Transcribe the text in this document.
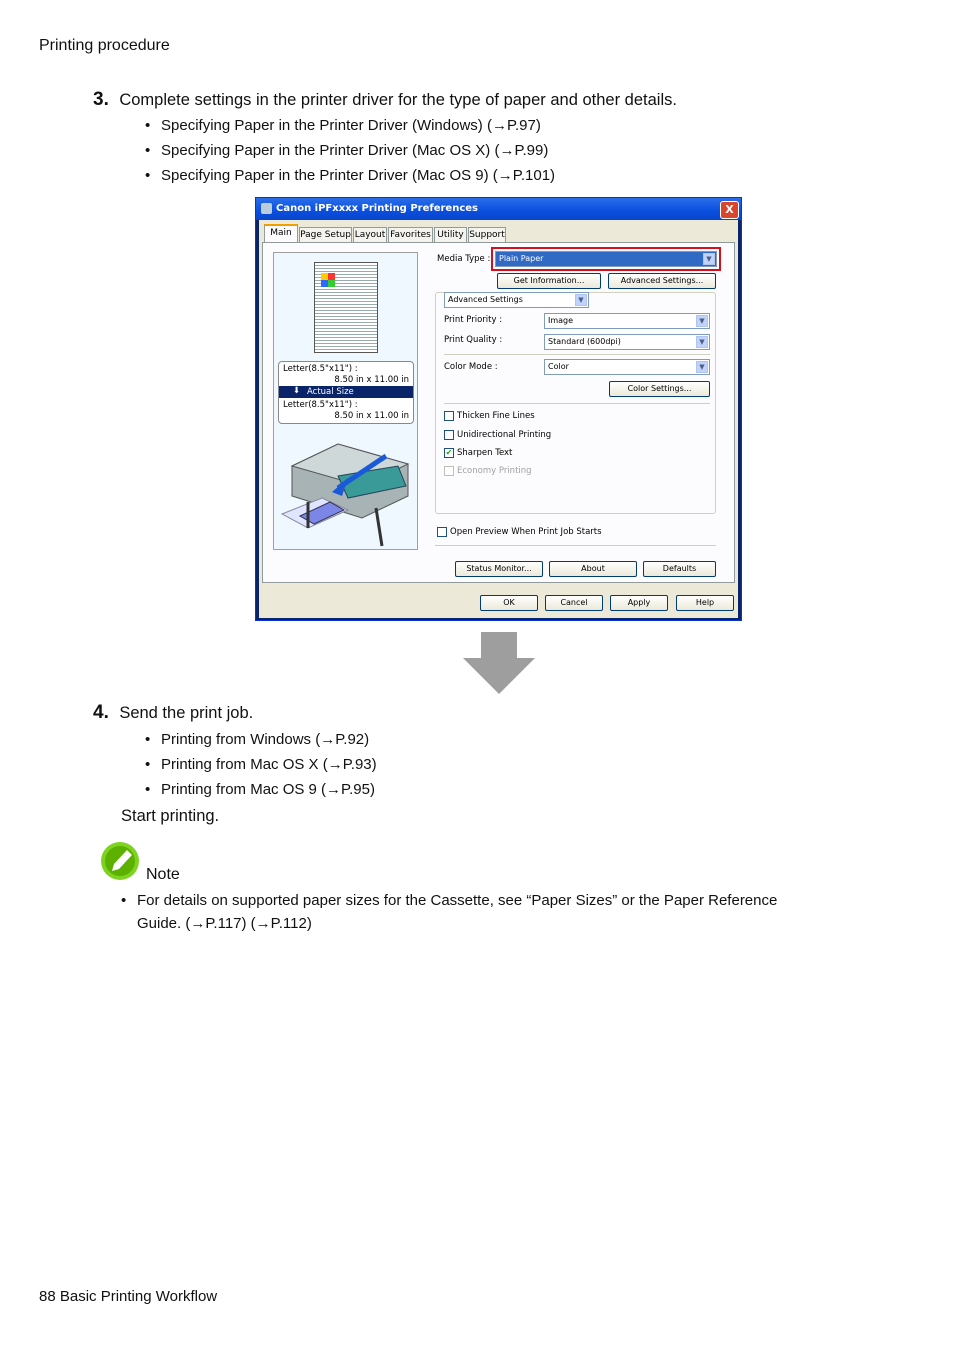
Printing procedure
3. Complete settings in the printer driver for the type of paper and other details.
• Specifying Paper in the Printer Driver (Windows) (→P.97)
• Specifying Paper in the Printer Driver (Mac OS X) (→P.99)
• Specifying Paper in the Printer Driver (Mac OS 9) (→P.101)
Canon iPFxxxx Printing Preferences	X
Main Page Setup Layout Favorites Utility Support
Letter(8.5"x11") :
8.50 in x 11.00 in
⬇ Actual Size
Letter(8.5"x11") :
8.50 in x 11.00 in
Media Type :	Plain Paper	▼
Get Information...	Advanced Settings...
Advanced Settings	▼
Print Priority :	Image	▼
Print Quality :	Standard (600dpi)	▼
Color Mode :	Color	▼
Color Settings...
Thicken Fine Lines
Unidirectional Printing
✔ Sharpen Text
Economy Printing
Open Preview When Print Job Starts
Status Monitor...	About	Defaults
OK	Cancel	Apply	Help
4. Send the print job.
• Printing from Windows (→P.92)
• Printing from Mac OS X (→P.93)
• Printing from Mac OS 9 (→P.95)
Start printing.
Note
• For details on supported paper sizes for the Cassette, see “Paper Sizes” or the Paper Reference
Guide. (→P.117) (→P.112)
88 Basic Printing Workflow
